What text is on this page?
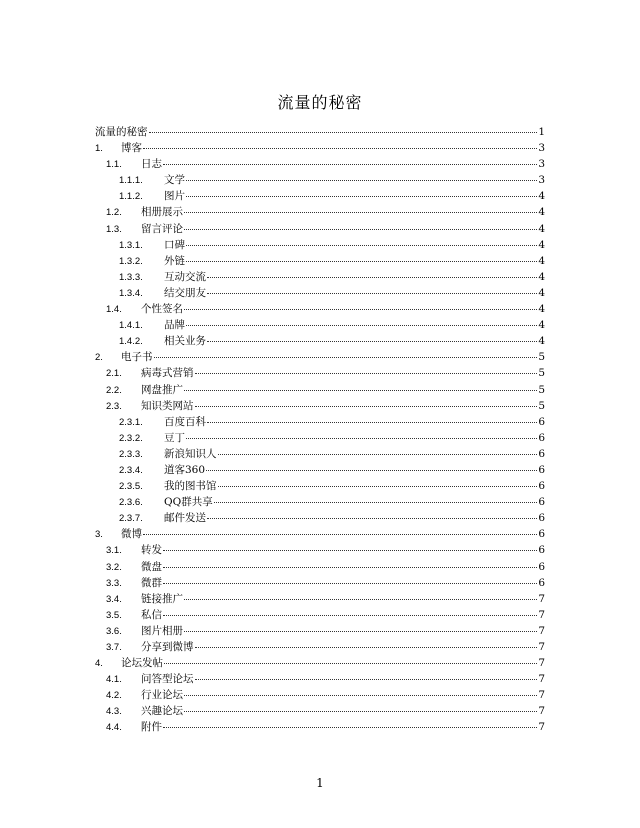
流量的秘密
流量的秘密	1
1.	博客	3
1.1.	日志	3
1.1.1.	文学	3
1.1.2.	图片	4
1.2.	相册展示	4
1.3.	留言评论	4
1.3.1.	口碑	4
1.3.2.	外链	4
1.3.3.	互动交流	4
1.3.4.	结交朋友	4
1.4.	个性签名	4
1.4.1.	品牌	4
1.4.2.	相关业务	4
2.	电子书	5
2.1.	病毒式营销	5
2.2.	网盘推广	5
2.3.	知识类网站	5
2.3.1.	百度百科	6
2.3.2.	豆丁	6
2.3.3.	新浪知识人	6
2.3.4.	道客360	6
2.3.5.	我的图书馆	6
2.3.6.	QQ群共享	6
2.3.7.	邮件发送	6
3.	微博	6
3.1.	转发	6
3.2.	微盘	6
3.3.	微群	6
3.4.	链接推广	7
3.5.	私信	7
3.6.	图片相册	7
3.7.	分享到微博	7
4.	论坛发帖	7
4.1.	问答型论坛	7
4.2.	行业论坛	7
4.3.	兴趣论坛	7
4.4.	附件	7
1
